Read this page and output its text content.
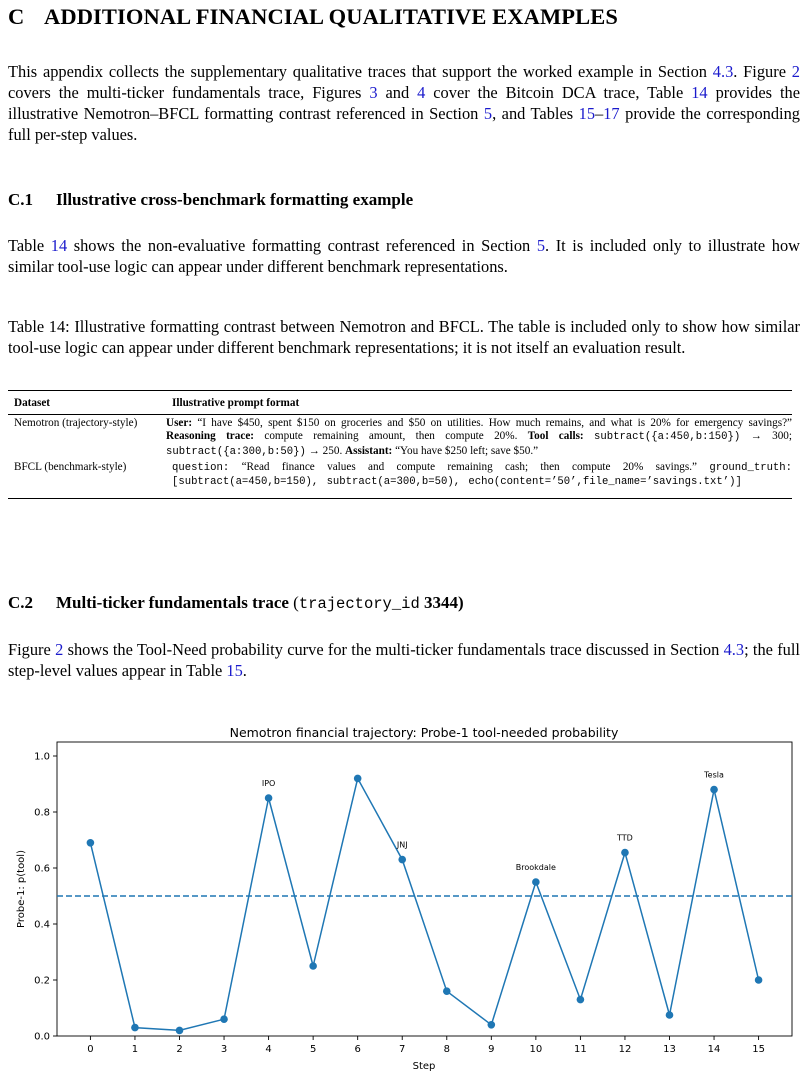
C ADDITIONAL FINANCIAL QUALITATIVE EXAMPLES

This appendix collects the supplementary qualitative traces that support the worked example in Section 4.3. Figure 2 covers the multi-ticker fundamentals trace, Figures 3 and 4 cover the Bitcoin DCA trace, Table 14 provides the illustrative Nemotron–BFCL formatting contrast referenced in Section 5, and Tables 15–17 provide the corresponding full per-step values.

C.1 Illustrative cross-benchmark formatting example

Table 14 shows the non-evaluative formatting contrast referenced in Section 5. It is included only to illustrate how similar tool-use logic can appear under different benchmark representations.

Table 14: Illustrative formatting contrast between Nemotron and BFCL. The table is included only to show how similar tool-use logic can appear under different benchmark representations; it is not itself an evaluation result.

Dataset	Illustrative prompt format
Nemotron (trajectory-style)	User: “I have $450, spent $150 on groceries and $50 on utilities. How much remains, and what is 20% for emergency savings?” Reasoning trace: compute remaining amount, then compute 20%. Tool calls: subtract({a:450,b:150}) → 300; subtract({a:300,b:50}) → 250. Assistant: “You have $250 left; save $50.”
BFCL (benchmark-style)	question: “Read finance values and compute remaining cash; then compute 20% savings.” ground_truth: [subtract(a=450,b=150), subtract(a=300,b=50), echo(content=’50’,file_name=’savings.txt’)]
C.2 Multi-ticker fundamentals trace (trajectory_id 3344)

Figure 2 shows the Tool-Need probability curve for the multi-ticker fundamentals trace discussed in Section 4.3; the full step-level values appear in Table 15.

Nemotron financial trajectory: Probe-1 tool-needed probability
0.0
0.2
0.4
0.6
0.8
1.0
0	1	2	3	4	5	6	7	8	9	10	11	12	13	14	15
IPO
JNJ
Brookdale
TTD
Tesla
Step
Probe-1: p(tool)
